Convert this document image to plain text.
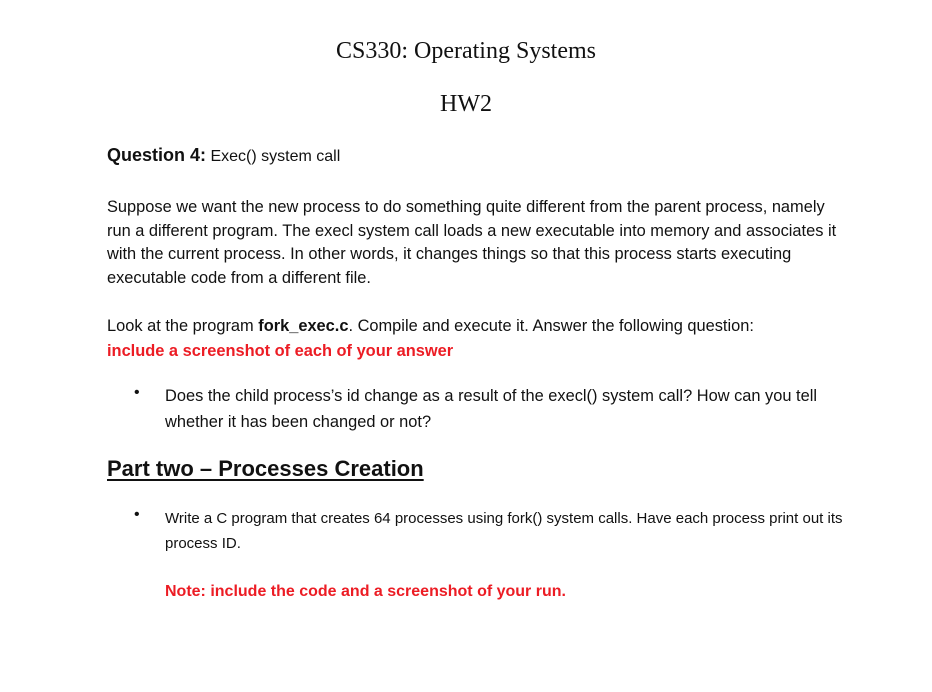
CS330: Operating Systems
HW2
Question 4: Exec() system call
Suppose we want the new process to do something quite different from the parent process, namely run a different program. The execl system call loads a new executable into memory and associates it with the current process. In other words, it changes things so that this process starts executing executable code from a different file.
Look at the program fork_exec.c. Compile and execute it. Answer the following question:
include a screenshot of each of your answer
• Does the child process’s id change as a result of the execl() system call? How can you tell whether it has been changed or not?
Part two – Processes Creation
• Write a C program that creates 64 processes using fork() system calls. Have each process print out its process ID.
Note: include the code and a screenshot of your run.
